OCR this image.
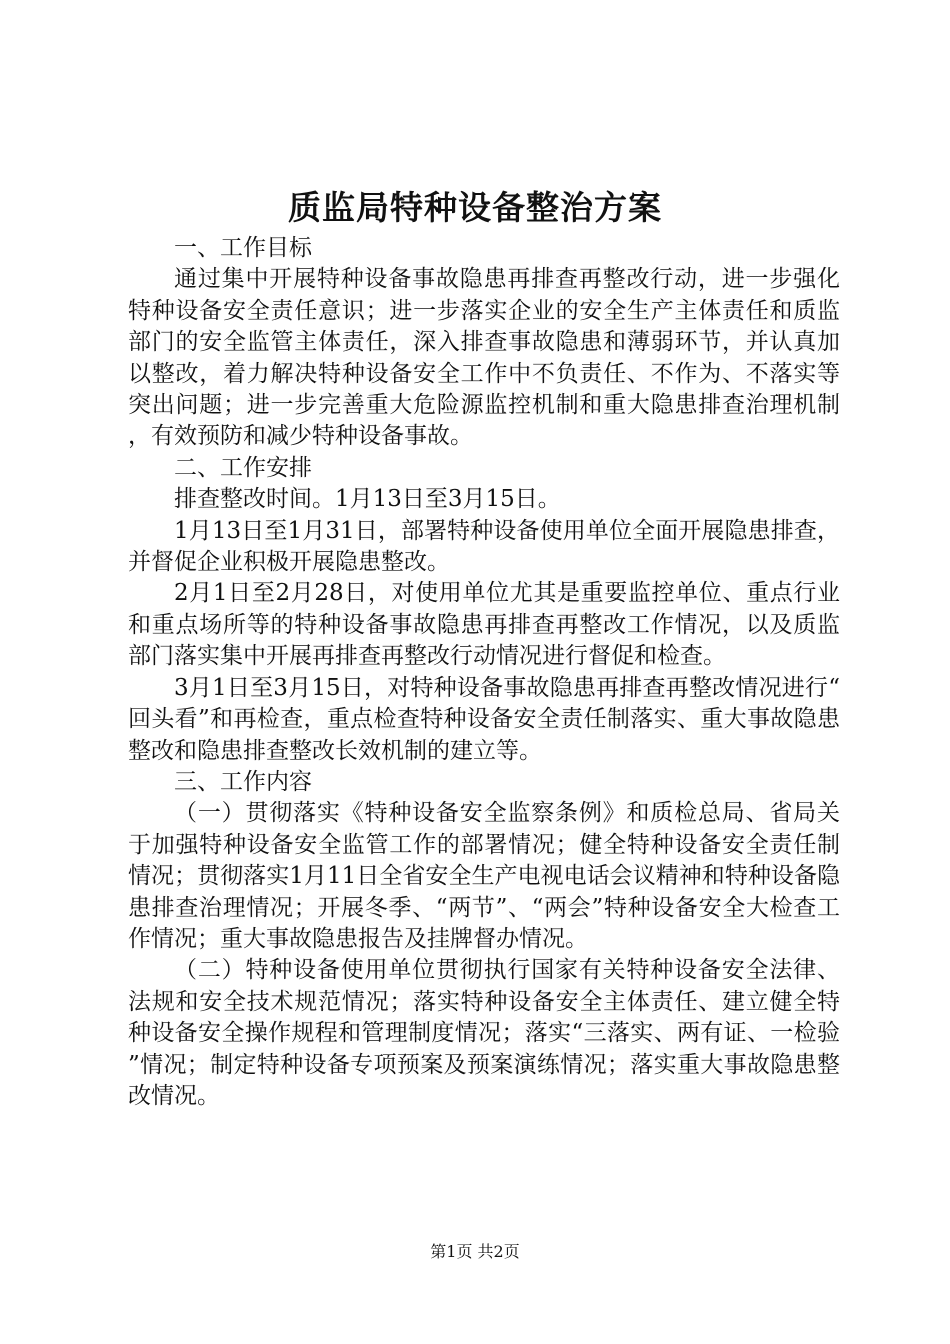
质监局特种设备整治方案
一、工作目标

通过集中开展特种设备事故隐患再排查再整改行动，进一步强化特种设备安全责任意识；进一步落实企业的安全生产主体责任和质监部门的安全监管主体责任，深入排查事故隐患和薄弱环节，并认真加以整改，着力解决特种设备安全工作中不负责任、不作为、不落实等突出问题；进一步完善重大危险源监控机制和重大隐患排查治理机制，有效预防和减少特种设备事故。

二、工作安排

排查整改时间。1月13日至3月15日。

1月13日至1月31日，部署特种设备使用单位全面开展隐患排查，并督促企业积极开展隐患整改。

2月1日至2月28日，对使用单位尤其是重要监控单位、重点行业和重点场所等的特种设备事故隐患再排查再整改工作情况，以及质监部门落实集中开展再排查再整改行动情况进行督促和检查。

3月1日至3月15日，对特种设备事故隐患再排查再整改情况进行“回头看”和再检查，重点检查特种设备安全责任制落实、重大事故隐患整改和隐患排查整改长效机制的建立等。

三、工作内容

（一）贯彻落实《特种设备安全监察条例》和质检总局、省局关于加强特种设备安全监管工作的部署情况；健全特种设备安全责任制情况；贯彻落实1月11日全省安全生产电视电话会议精神和特种设备隐患排查治理情况；开展冬季、“两节”、“两会”特种设备安全大检查工作情况；重大事故隐患报告及挂牌督办情况。

（二）特种设备使用单位贯彻执行国家有关特种设备安全法律、法规和安全技术规范情况；落实特种设备安全主体责任、建立健全特种设备安全操作规程和管理制度情况；落实“三落实、两有证、一检验”情况；制定特种设备专项预案及预案演练情况；落实重大事故隐患整改情况。

第1页 共2页
